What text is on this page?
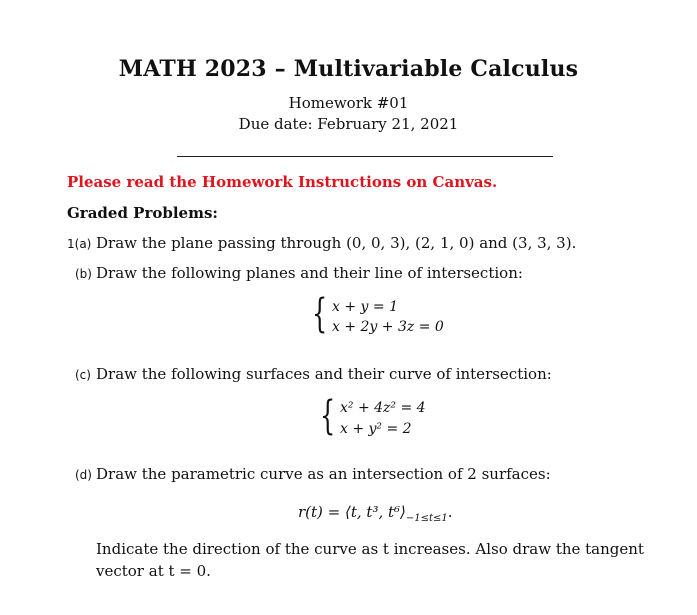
MATH 2023 – Multivariable Calculus
Homework #01
Due date: February 21, 2021
Please read the Homework Instructions on Canvas.
Graded Problems:
1(a) Draw the plane passing through (0, 0, 3), (2, 1, 0) and (3, 3, 3).
(b) Draw the following planes and their line of intersection:
{ x + y = 1
x + 2y + 3z = 0
(c) Draw the following surfaces and their curve of intersection:
{ x² + 4z² = 4
x + y² = 2
(d) Draw the parametric curve as an intersection of 2 surfaces:
r(t) = ⟨t, t³, $t^6⟩_{-1\le t\le 1}$.
Indicate the direction of the curve as t increases. Also draw the tangent vector at t = 0.
